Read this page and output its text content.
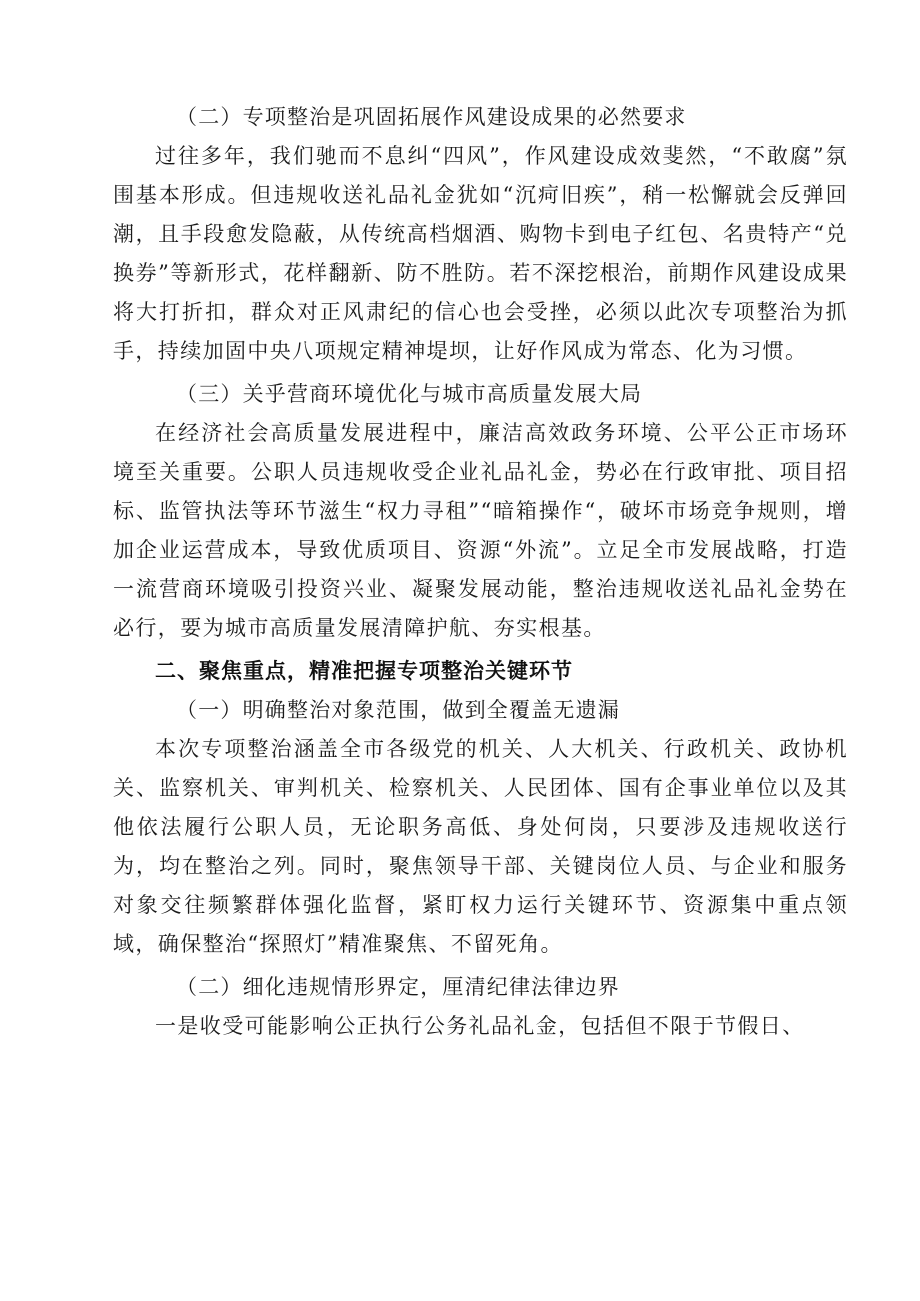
（二）专项整治是巩固拓展作风建设成果的必然要求

过往多年，我们驰而不息纠“四风”，作风建设成效斐然，“不敢腐”氛围基本形成。但违规收送礼品礼金犹如“沉疴旧疾”，稍一松懈就会反弹回潮，且手段愈发隐蔽，从传统高档烟酒、购物卡到电子红包、名贵特产“兑换券”等新形式，花样翻新、防不胜防。若不深挖根治，前期作风建设成果将大打折扣，群众对正风肃纪的信心也会受挫，必须以此次专项整治为抓手，持续加固中央八项规定精神堤坝，让好作风成为常态、化为习惯。

（三）关乎营商环境优化与城市高质量发展大局

在经济社会高质量发展进程中，廉洁高效政务环境、公平公正市场环境至关重要。公职人员违规收受企业礼品礼金，势必在行政审批、项目招标、监管执法等环节滋生“权力寻租”“暗箱操作“，破坏市场竞争规则，增加企业运营成本，导致优质项目、资源“外流”。立足全市发展战略，打造一流营商环境吸引投资兴业、凝聚发展动能，整治违规收送礼品礼金势在必行，要为城市高质量发展清障护航、夯实根基。

二、聚焦重点，精准把握专项整治关键环节

（一）明确整治对象范围，做到全覆盖无遗漏

本次专项整治涵盖全市各级党的机关、人大机关、行政机关、政协机关、监察机关、审判机关、检察机关、人民团体、国有企事业单位以及其他依法履行公职人员，无论职务高低、身处何岗，只要涉及违规收送行为，均在整治之列。同时，聚焦领导干部、关键岗位人员、与企业和服务对象交往频繁群体强化监督，紧盯权力运行关键环节、资源集中重点领域，确保整治“探照灯”精准聚焦、不留死角。

（二）细化违规情形界定，厘清纪律法律边界

一是收受可能影响公正执行公务礼品礼金，包括但不限于节假日、
